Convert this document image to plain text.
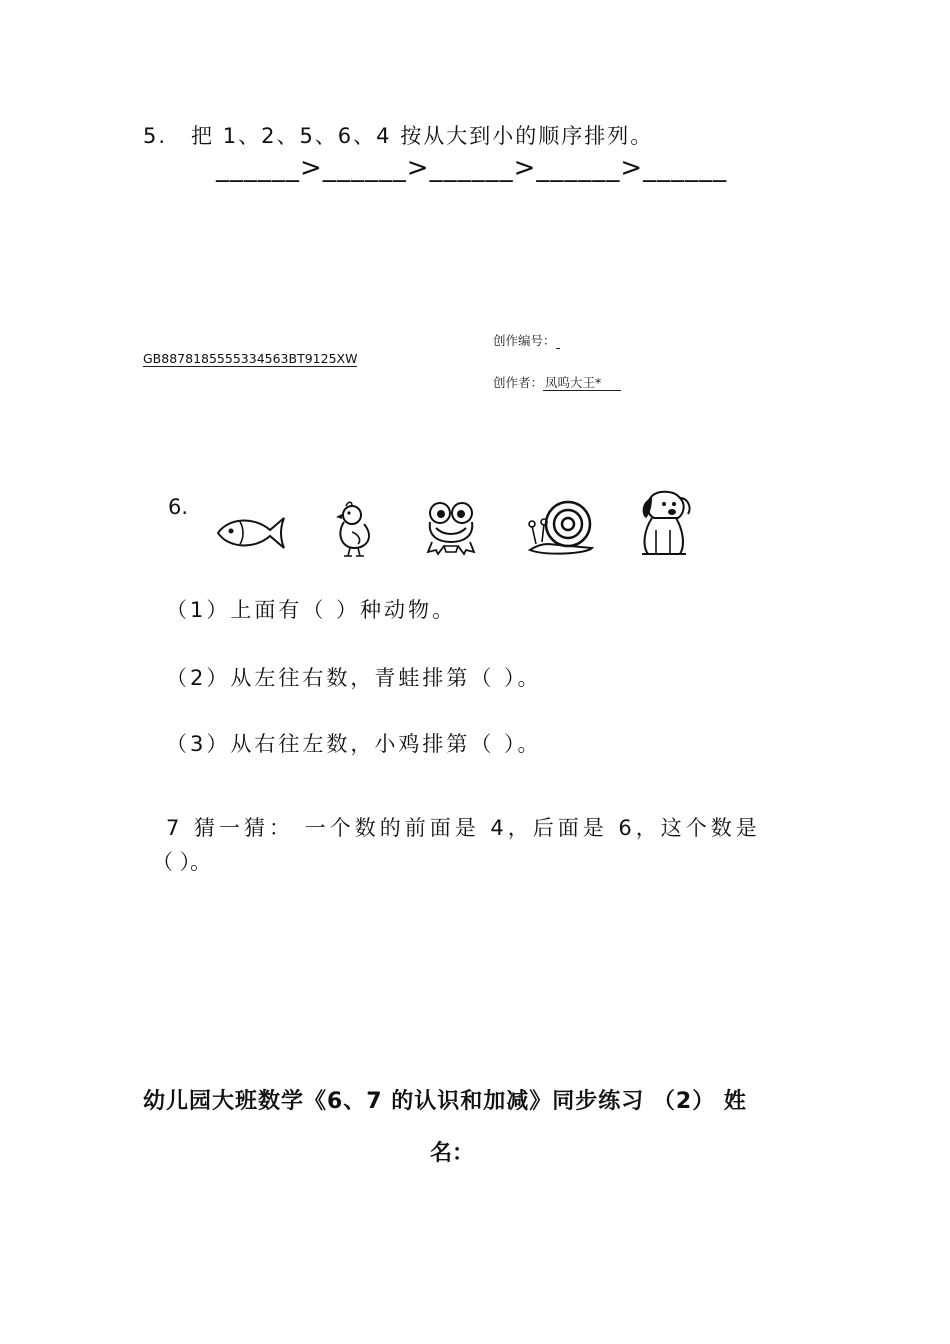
5. 把 1、2、5、6、4 按从大到小的顺序排列。
______>______>______>______>______
创作编号：
GB8878185555334563BT9125XW
创作者： 凤呜大王*
6.
（1）上面有（ ）种动物。
（2）从左往右数，青蛙排第（ ）。
（3）从右往左数，小鸡排第（ ）。
7 猜一猜： 一个数的前面是 4，后面是 6，这个数是
（ ）。
幼儿园大班数学《6、7 的认识和加减》同步练习 （2） 姓
名：
